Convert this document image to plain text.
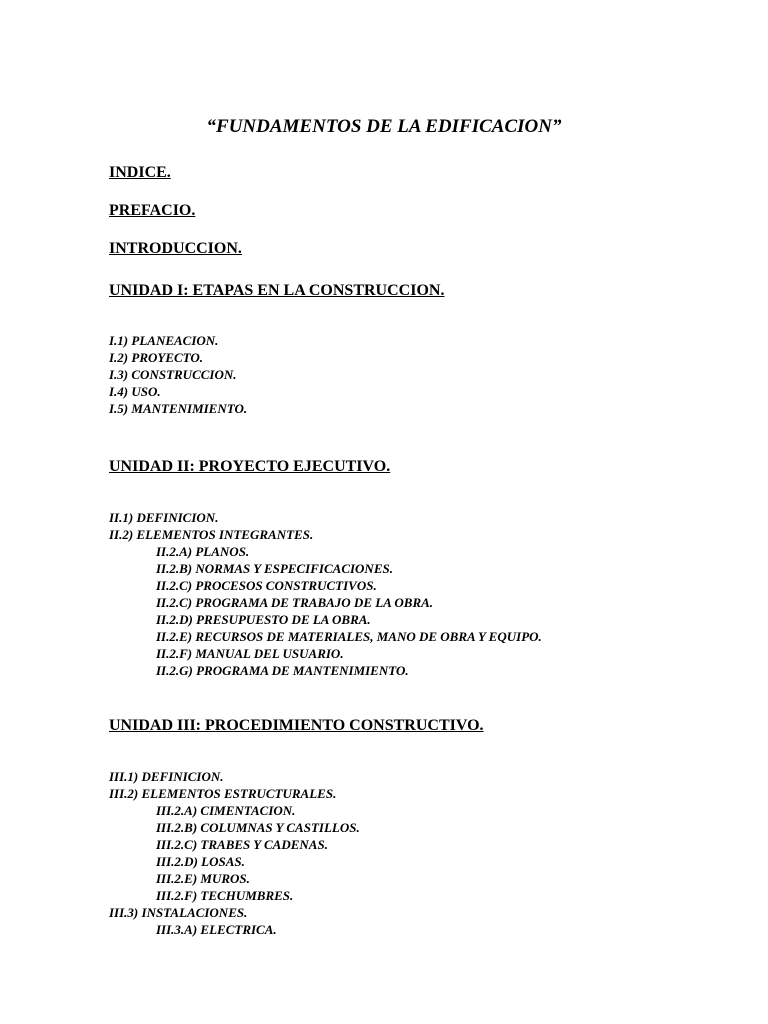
“FUNDAMENTOS DE LA EDIFICACION”
INDICE.
PREFACIO.
INTRODUCCION.
UNIDAD I: ETAPAS EN LA CONSTRUCCION.
I.1) PLANEACION.
I.2) PROYECTO.
I.3) CONSTRUCCION.
I.4) USO.
I.5) MANTENIMIENTO.
UNIDAD II: PROYECTO EJECUTIVO.
II.1) DEFINICION.
II.2) ELEMENTOS INTEGRANTES.
II.2.A) PLANOS.
II.2.B) NORMAS Y ESPECIFICACIONES.
II.2.C) PROCESOS CONSTRUCTIVOS.
II.2.C) PROGRAMA DE TRABAJO DE LA OBRA.
II.2.D) PRESUPUESTO DE LA OBRA.
II.2.E) RECURSOS DE MATERIALES, MANO DE OBRA Y EQUIPO.
II.2.F) MANUAL DEL USUARIO.
II.2.G) PROGRAMA DE MANTENIMIENTO.
UNIDAD III: PROCEDIMIENTO CONSTRUCTIVO.
III.1) DEFINICION.
III.2) ELEMENTOS ESTRUCTURALES.
III.2.A) CIMENTACION.
III.2.B) COLUMNAS Y CASTILLOS.
III.2.C) TRABES Y CADENAS.
III.2.D) LOSAS.
III.2.E) MUROS.
III.2.F) TECHUMBRES.
III.3) INSTALACIONES.
III.3.A) ELECTRICA.
